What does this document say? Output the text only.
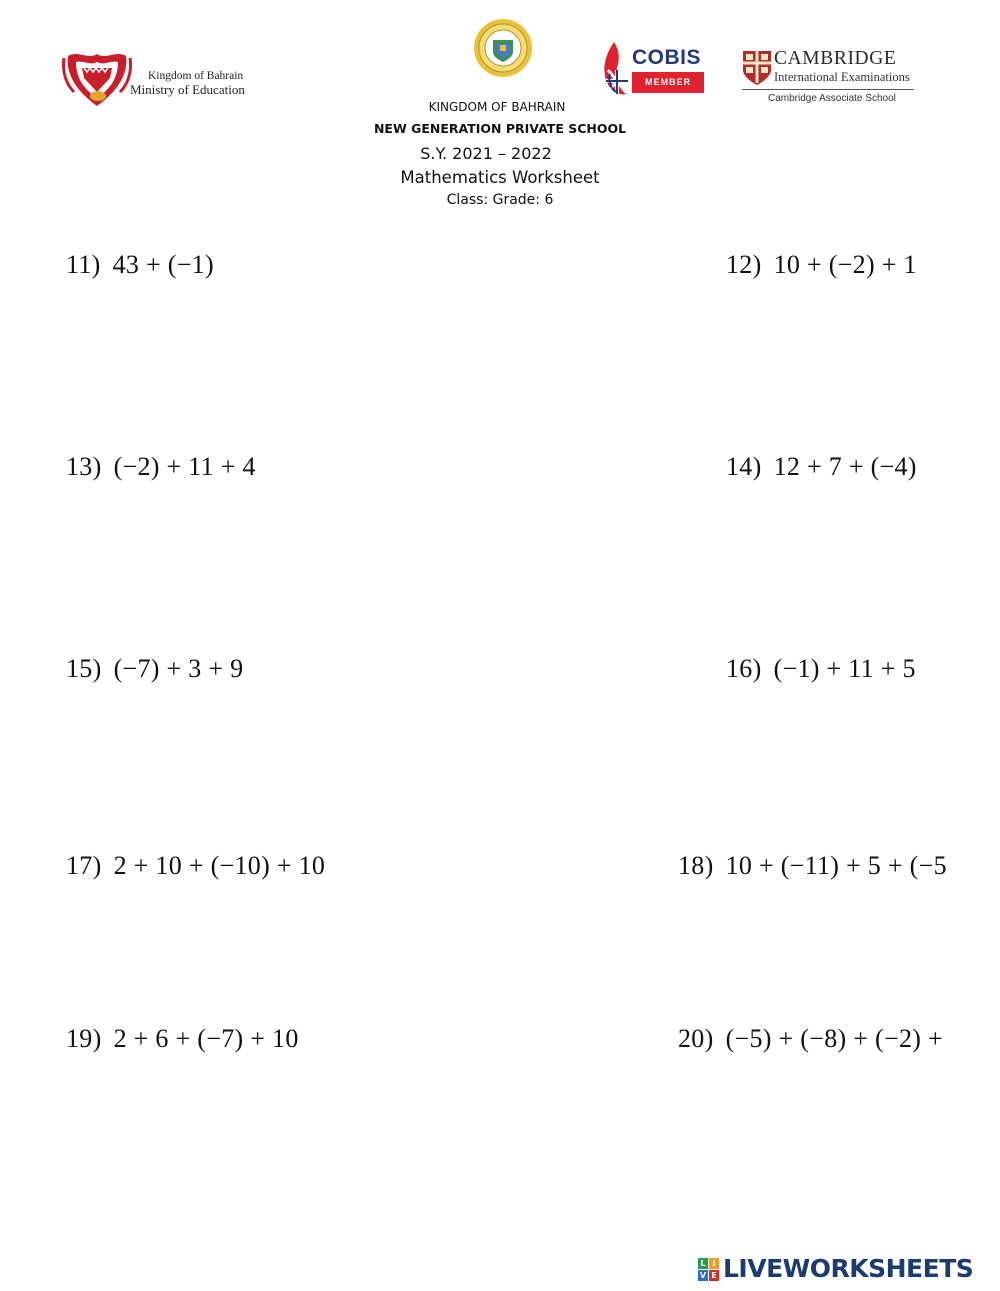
Kingdom of Bahrain
Ministry of Education
COBIS
MEMBER
CAMBRIDGE
International Examinations
Cambridge Associate School
KINGDOM OF BAHRAIN
NEW GENERATION PRIVATE SCHOOL
S.Y. 2021 – 2022
Mathematics Worksheet
Class: Grade: 6
11) 43 + (−1)	12) 10 + (−2) + 1
13) (−2) + 11 + 4	14) 12 + 7 + (−4)
15) (−7) + 3 + 9	16) (−1) + 11 + 5
17) 2 + 10 + (−10) + 10	18) 10 + (−11) + 5 + (−5
19) 2 + 6 + (−7) + 10	20) (−5) + (−8) + (−2) +
L I
V E LIVEWORKSHEETS
